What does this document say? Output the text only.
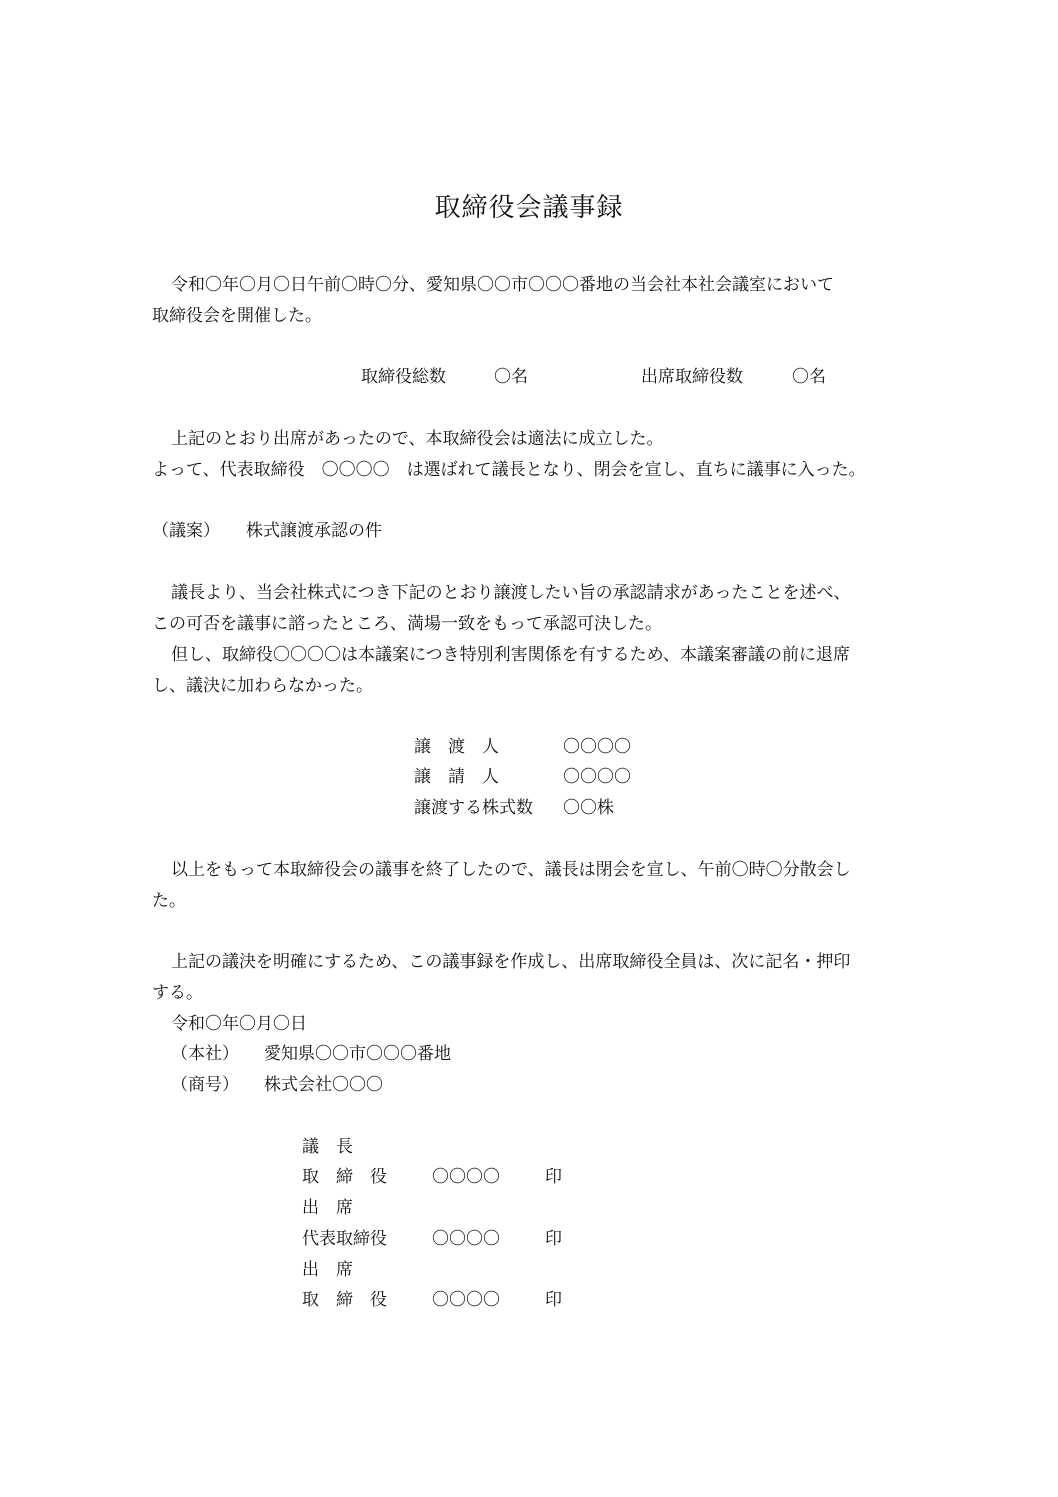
取締役会議事録
令和〇年〇月〇日午前〇時〇分、愛知県〇〇市〇〇〇番地の当会社本社会議室において
取締役会を開催した。
取締役総数	〇名	出席取締役数	〇名
上記のとおり出席があったので、本取締役会は適法に成立した。
よって、代表取締役　〇〇〇〇　は選ばれて議長となり、閉会を宣し、直ちに議事に入った。
（議案） 株式譲渡承認の件
議長より、当会社株式につき下記のとおり譲渡したい旨の承認請求があったことを述べ、
この可否を議事に諮ったところ、満場一致をもって承認可決した。
但し、取締役〇〇〇〇は本議案につき特別利害関係を有するため、本議案審議の前に退席
し、議決に加わらなかった。
譲　渡　人	〇〇〇〇
譲　請　人	〇〇〇〇
譲渡する株式数 〇〇株
以上をもって本取締役会の議事を終了したので、議長は閉会を宣し、午前〇時〇分散会し
た。
上記の議決を明確にするため、この議事録を作成し、出席取締役全員は、次に記名・押印
する。
令和〇年〇月〇日
（本社） 愛知県〇〇市〇〇〇番地
（商号） 株式会社〇〇〇
議　長
取　締　役	〇〇〇〇	印
出　席
代表取締役	〇〇〇〇	印
出　席
取　締　役	〇〇〇〇	印
